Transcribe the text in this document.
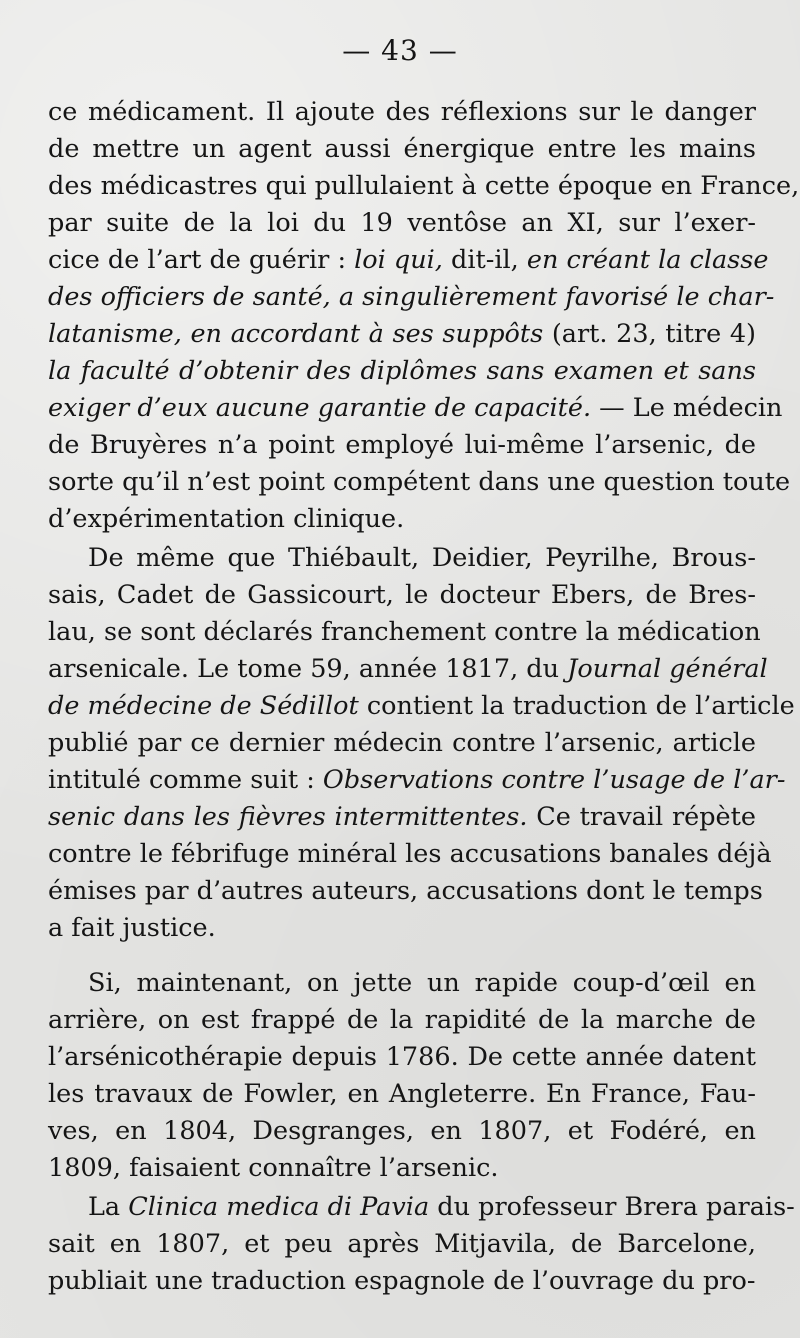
— 43 —
ce médicament. Il ajoute des réflexions sur le danger
de mettre un agent aussi énergique entre les mains
des médicastres qui pullulaient à cette époque en France,
par suite de la loi du 19 ventôse an XI, sur l’exer-
cice de l’art de guérir : loi qui, dit-il, en créant la classe
des officiers de santé, a singulièrement favorisé le char-
latanisme, en accordant à ses suppôts (art. 23, titre 4)
la faculté d’obtenir des diplômes sans examen et sans
exiger d’eux aucune garantie de capacité. — Le médecin
de Bruyères n’a point employé lui-même l’arsenic, de
sorte qu’il n’est point compétent dans une question toute
d’expérimentation clinique.
De même que Thiébault, Deidier, Peyrilhe, Brous-
sais, Cadet de Gassicourt, le docteur Ebers, de Bres-
lau, se sont déclarés franchement contre la médication
arsenicale. Le tome 59, année 1817, du Journal général
de médecine de Sédillot contient la traduction de l’article
publié par ce dernier médecin contre l’arsenic, article
intitulé comme suit : Observations contre l’usage de l’ar-
senic dans les fièvres intermittentes. Ce travail répète
contre le fébrifuge minéral les accusations banales déjà
émises par d’autres auteurs, accusations dont le temps
a fait justice.
Si, maintenant, on jette un rapide coup-d’œil en
arrière, on est frappé de la rapidité de la marche de
l’arsénicothérapie depuis 1786. De cette année datent
les travaux de Fowler, en Angleterre. En France, Fau-
ves, en 1804, Desgranges, en 1807, et Fodéré, en
1809, faisaient connaître l’arsenic.
La Clinica medica di Pavia du professeur Brera parais-
sait en 1807, et peu après Mitjavila, de Barcelone,
publiait une traduction espagnole de l’ouvrage du pro-
